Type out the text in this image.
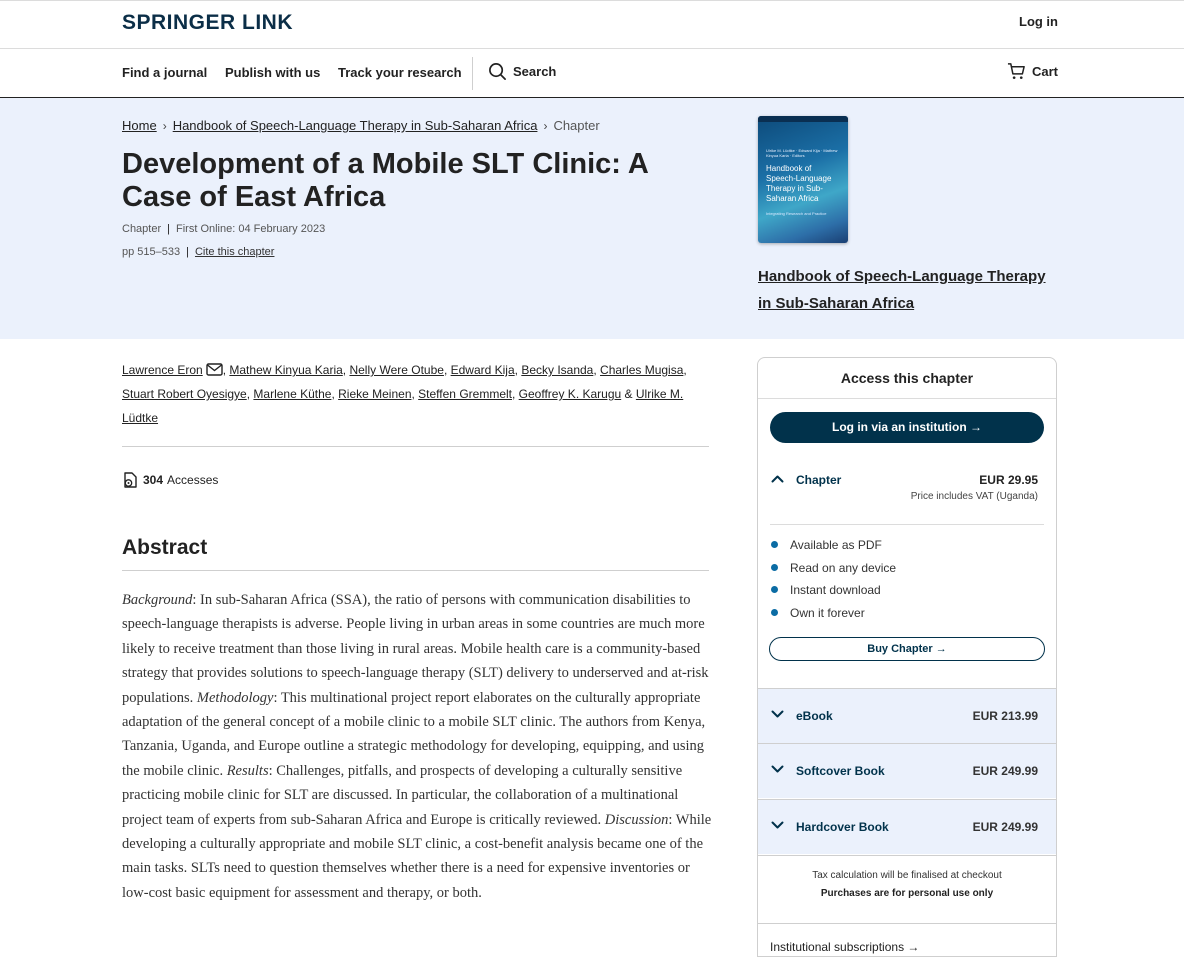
SPRINGER LINK	Log in
Find a journal Publish with us Track your research	Search	Cart
Home › Handbook of Speech-Language Therapy in Sub-Saharan Africa › Chapter
Development of a Mobile SLT Clinic: A Case of East Africa
Chapter | First Online: 04 February 2023
pp 515–533 | Cite this chapter
Ulrike M. Lüdtke · Edward Kija · Mathew Kinyua Karia · Editors
Handbook of Speech-Language Therapy in Sub-Saharan Africa
Integrating Research and Practice
Handbook of Speech-Language Therapy in Sub-Saharan Africa
Lawrence Eron , Mathew Kinyua Karia, Nelly Were Otube, Edward Kija, Becky Isanda, Charles Mugisa, Stuart Robert Oyesigye, Marlene Küthe, Rieke Meinen, Steffen Gremmelt, Geoffrey K. Karugu & Ulrike M. Lüdtke
304 Accesses
Abstract

Background: In sub-Saharan Africa (SSA), the ratio of persons with communication disabilities to speech-language therapists is adverse. People living in urban areas in some countries are much more likely to receive treatment than those living in rural areas. Mobile health care is a community-based strategy that provides solutions to speech-language therapy (SLT) delivery to underserved and at-risk populations. Methodology: This multinational project report elaborates on the culturally appropriate adaptation of the general concept of a mobile clinic to a mobile SLT clinic. The authors from Kenya, Tanzania, Uganda, and Europe outline a strategic methodology for developing, equipping, and using the mobile clinic. Results: Challenges, pitfalls, and prospects of developing a culturally sensitive practicing mobile clinic for SLT are discussed. In particular, the collaboration of a multinational project team of experts from sub-Saharan Africa and Europe is critically reviewed. Discussion: While developing a culturally appropriate and mobile SLT clinic, a cost-benefit analysis became one of the main tasks. SLTs need to question themselves whether there is a need for expensive inventories or low-cost basic equipment for assessment and therapy, or both.

Access this chapter
Log in via an institution →
Chapter	EUR 29.95
Price includes VAT (Uganda)
Available as PDF
Read on any device
Instant download
Own it forever
Buy Chapter →
eBook	EUR 213.99
Softcover Book	EUR 249.99
Hardcover Book	EUR 249.99
Tax calculation will be finalised at checkout
Purchases are for personal use only
Institutional subscriptions →
